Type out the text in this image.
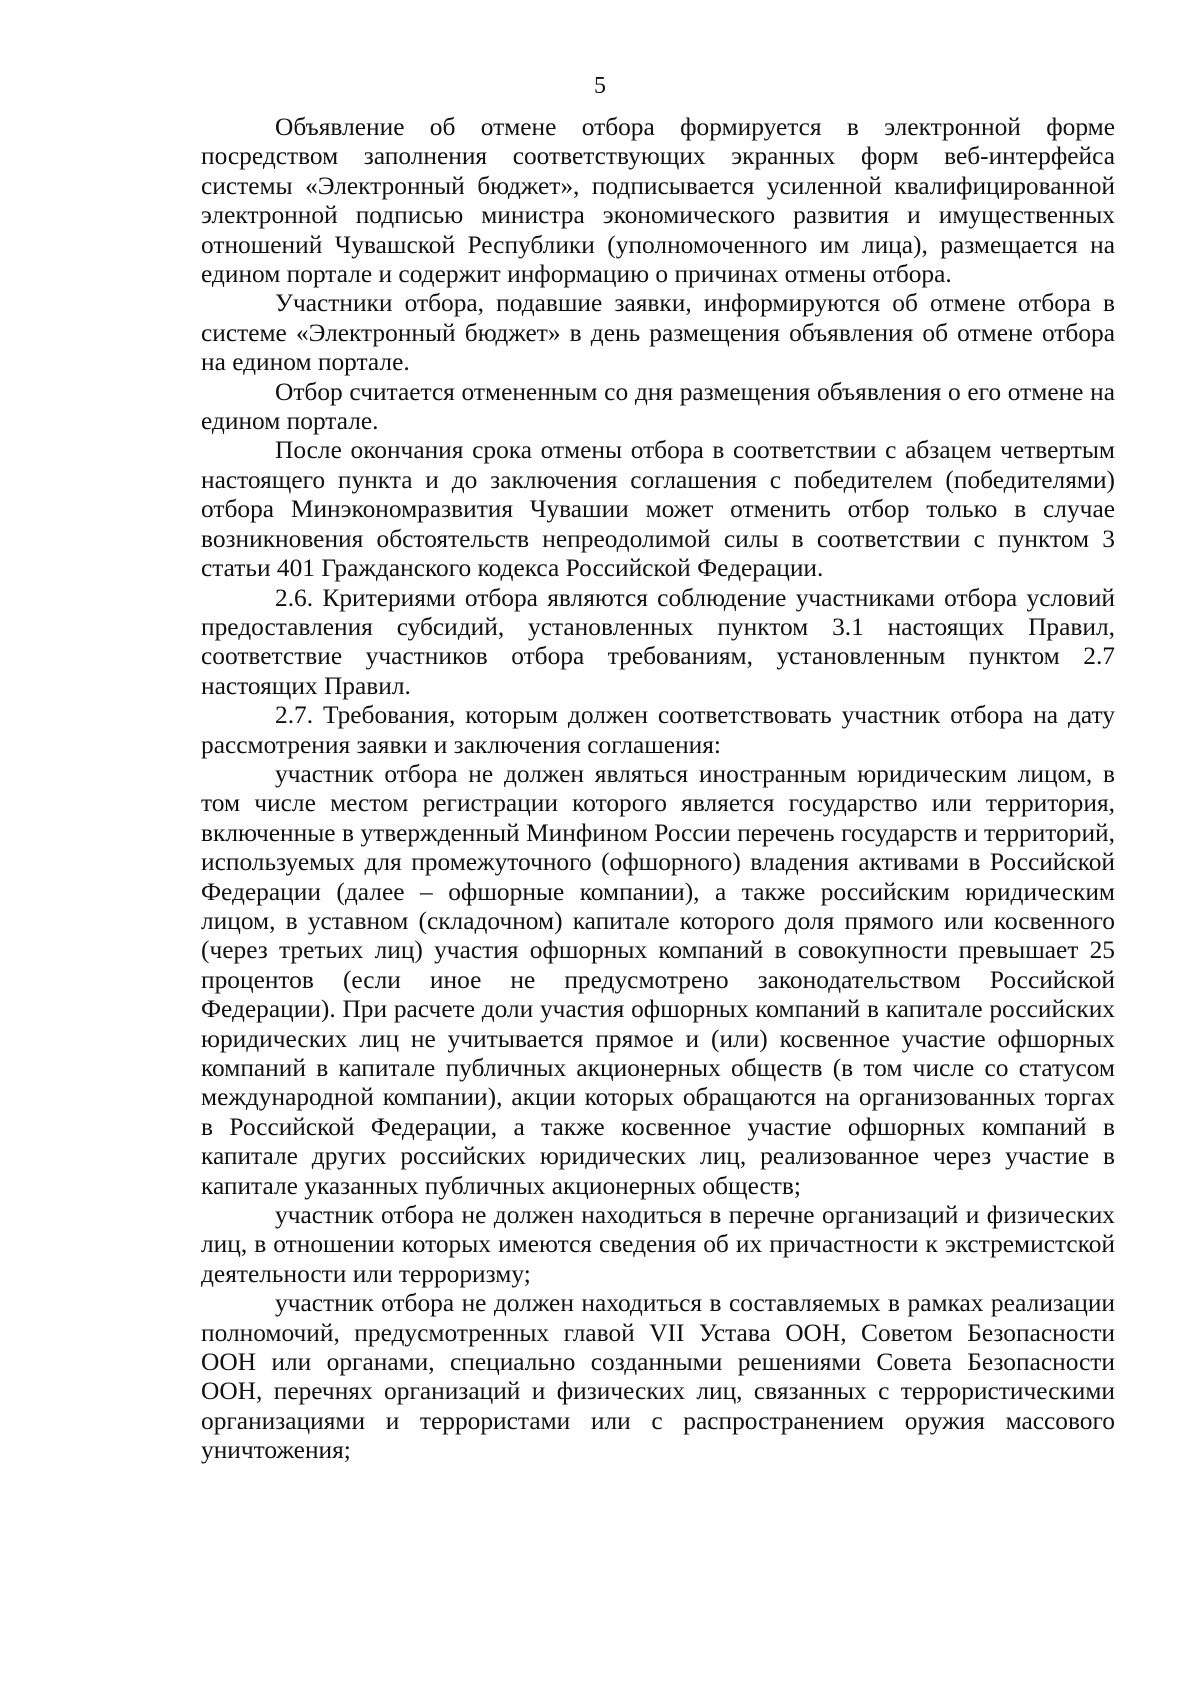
5

Объявление об отмене отбора формируется в электронной форме посредством заполнения соответствующих экранных форм веб-интерфейса системы «Электронный бюджет», подписывается усиленной квалифицированной электронной подписью министра экономического развития и имущественных отношений Чувашской Республики (уполномоченного им лица), размещается на едином портале и содержит информацию о причинах отмены отбора.

Участники отбора, подавшие заявки, информируются об отмене отбора в системе «Электронный бюджет» в день размещения объявления об отмене отбора на едином портале.

Отбор считается отмененным со дня размещения объявления о его отмене на едином портале.

После окончания срока отмены отбора в соответствии с абзацем четвертым настоящего пункта и до заключения соглашения с победителем (победителями) отбора Минэкономразвития Чувашии может отменить отбор только в случае возникновения обстоятельств непреодолимой силы в соответствии с пунктом 3 статьи 401 Гражданского кодекса Российской Федерации.

2.6. Критериями отбора являются соблюдение участниками отбора условий предоставления субсидий, установленных пунктом 3.1 настоящих Правил, соответствие участников отбора требованиям, установленным пунктом 2.7 настоящих Правил.

2.7. Требования, которым должен соответствовать участник отбора на дату рассмотрения заявки и заключения соглашения:

участник отбора не должен являться иностранным юридическим лицом, в том числе местом регистрации которого является государство или территория, включенные в утвержденный Минфином России перечень государств и территорий, используемых для промежуточного (офшорного) владения активами в Российской Федерации (далее – офшорные компании), а также российским юридическим лицом, в уставном (складочном) капитале которого доля прямого или косвенного (через третьих лиц) участия офшорных компаний в совокупности превышает 25 процентов (если иное не предусмотрено законодательством Российской Федерации). При расчете доли участия офшорных компаний в капитале российских юридических лиц не учитывается прямое и (или) косвенное участие офшорных компаний в капитале публичных акционерных обществ (в том числе со статусом международной компании), акции которых обращаются на организованных торгах в Российской Федерации, а также косвенное участие офшорных компаний в капитале других российских юридических лиц, реализованное через участие в капитале указанных публичных акционерных обществ;

участник отбора не должен находиться в перечне организаций и физических лиц, в отношении которых имеются сведения об их причастности к экстремистской деятельности или терроризму;

участник отбора не должен находиться в составляемых в рамках реализации полномочий, предусмотренных главой VII Устава ООН, Советом Безопасности ООН или органами, специально созданными решениями Совета Безопасности ООН, перечнях организаций и физических лиц, связанных с террористическими организациями и террористами или с распространением оружия массового уничтожения;
